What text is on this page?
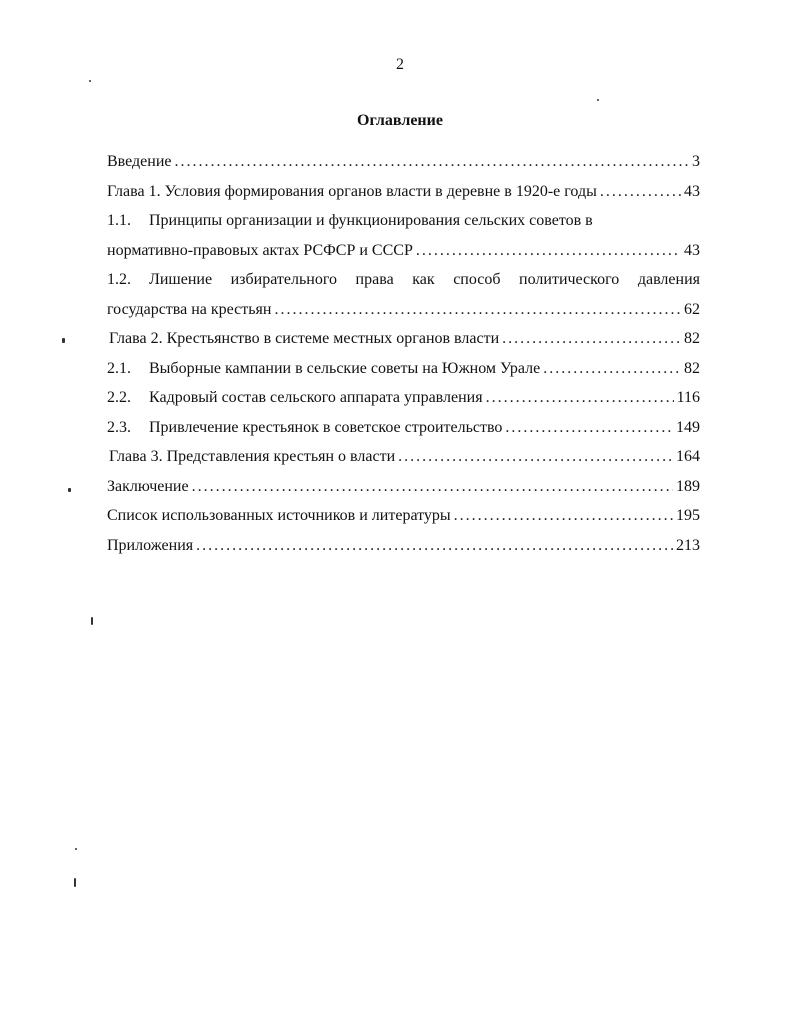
2
Оглавление
Введение . . .	3
Глава 1. Условия формирования органов власти в деревне в 1920-е годы . . .	43
1.1.	Принципы организации и функционирования сельских советов в
нормативно-правовых актах РСФСР и СССР . . .	43
1.2.	Лишение избирательного права как способ политического давления
государства на крестьян . . .	62
Глава 2. Крестьянство в системе местных органов власти . . .	82
2.1.	Выборные кампании в сельские советы на Южном Урале . . .	82
2.2.	Кадровый состав сельского аппарата управления . . .	116
2.3.	Привлечение крестьянок в советское строительство . . .	149
Глава 3. Представления крестьян о власти . . .	164
Заключение . . .	189
Список использованных источников и литературы . . .	195
Приложения . . .	213
